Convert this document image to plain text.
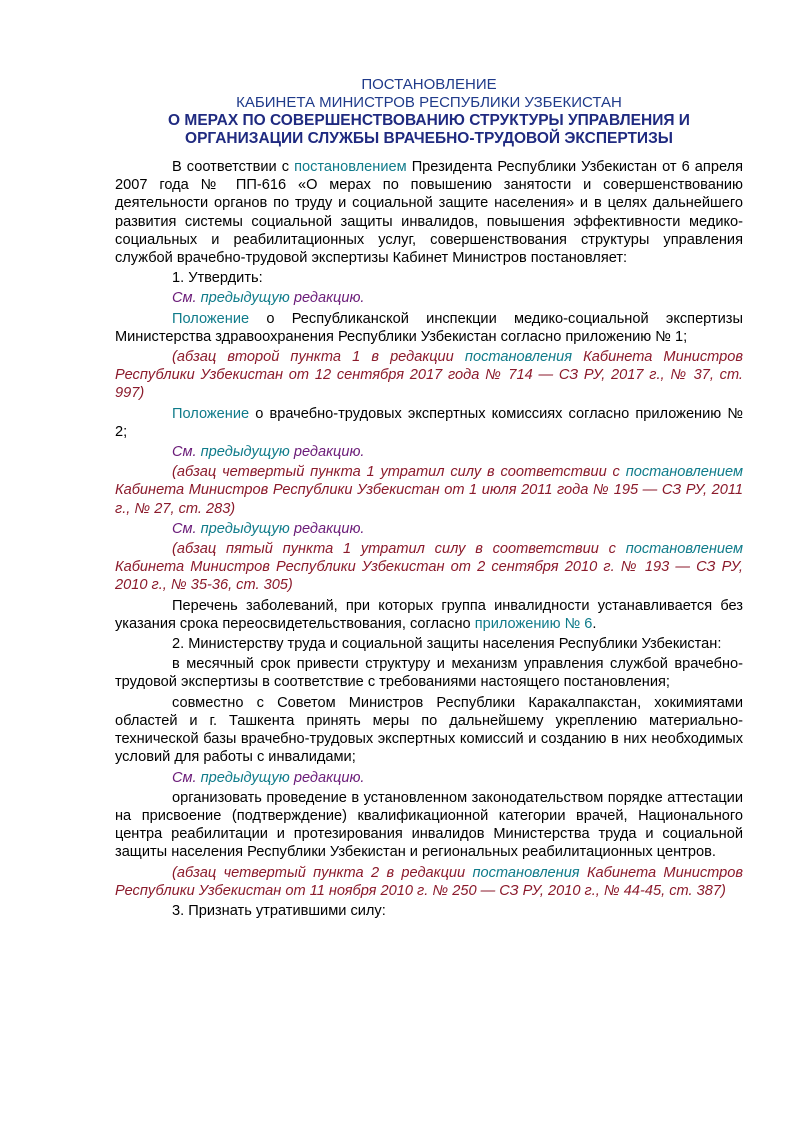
ПОСТАНОВЛЕНИЕ
КАБИНЕТА МИНИСТРОВ РЕСПУБЛИКИ УЗБЕКИСТАН
О МЕРАХ ПО СОВЕРШЕНСТВОВАНИЮ СТРУКТУРЫ УПРАВЛЕНИЯ И
ОРГАНИЗАЦИИ СЛУЖБЫ ВРАЧЕБНО-ТРУДОВОЙ ЭКСПЕРТИЗЫ

В соответствии с постановлением Президента Республики Узбекистан от 6 апреля 2007 года № ПП-616 «О мерах по повышению занятости и совершенствованию деятельности органов по труду и социальной защите населения» и в целях дальнейшего развития системы социальной защиты инвалидов, повышения эффективности медико-социальных и реабилитационных услуг, совершенствования структуры управления службой врачебно-трудовой экспертизы Кабинет Министров постановляет:

1. Утвердить:

См. предыдущую редакцию.

Положение о Республиканской инспекции медико-социальной экспертизы Министерства здравоохранения Республики Узбекистан согласно приложению № 1;

(абзац второй пункта 1 в редакции постановления Кабинета Министров Республики Узбекистан от 12 сентября 2017 года № 714 — СЗ РУ, 2017 г., № 37, ст. 997)

Положение о врачебно-трудовых экспертных комиссиях согласно приложению № 2;

См. предыдущую редакцию.

(абзац четвертый пункта 1 утратил силу в соответствии с постановлением Кабинета Министров Республики Узбекистан от 1 июля 2011 года № 195 — СЗ РУ, 2011 г., № 27, ст. 283)

См. предыдущую редакцию.

(абзац пятый пункта 1 утратил силу в соответствии с постановлением Кабинета Министров Республики Узбекистан от 2 сентября 2010 г. № 193 — СЗ РУ, 2010 г., № 35-36, ст. 305)

Перечень заболеваний, при которых группа инвалидности устанавливается без указания срока переосвидетельствования, согласно приложению № 6.

2. Министерству труда и социальной защиты населения Республики Узбекистан:

в месячный срок привести структуру и механизм управления службой врачебно-трудовой экспертизы в соответствие с требованиями настоящего постановления;

совместно с Советом Министров Республики Каракалпакстан, хокимиятами областей и г. Ташкента принять меры по дальнейшему укреплению материально-технической базы врачебно-трудовых экспертных комиссий и созданию в них необходимых условий для работы с инвалидами;

См. предыдущую редакцию.

организовать проведение в установленном законодательством порядке аттестации на присвоение (подтверждение) квалификационной категории врачей, Национального центра реабилитации и протезирования инвалидов Министерства труда и социальной защиты населения Республики Узбекистан и региональных реабилитационных центров.

(абзац четвертый пункта 2 в редакции постановления Кабинета Министров Республики Узбекистан от 11 ноября 2010 г. № 250 — СЗ РУ, 2010 г., № 44-45, ст. 387)

3. Признать утратившими силу:
